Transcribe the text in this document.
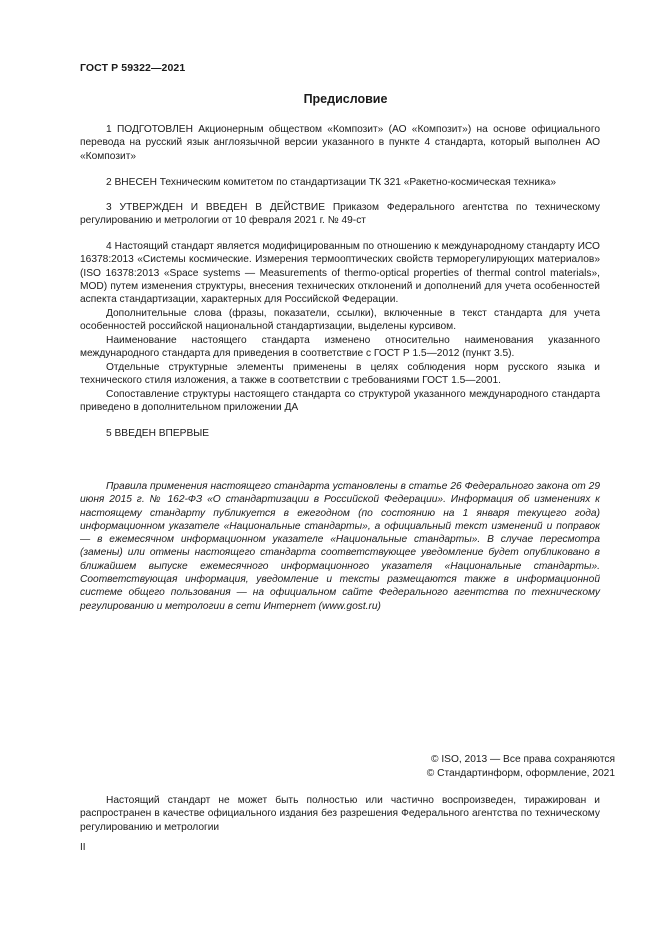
ГОСТ Р 59322—2021
Предисловие

1 ПОДГОТОВЛЕН Акционерным обществом «Композит» (АО «Композит») на основе официального перевода на русский язык англоязычной версии указанного в пункте 4 стандарта, который выполнен АО «Композит»

2 ВНЕСЕН Техническим комитетом по стандартизации ТК 321 «Ракетно-космическая техника»

3 УТВЕРЖДЕН И ВВЕДЕН В ДЕЙСТВИЕ Приказом Федерального агентства по техническому регулированию и метрологии от 10 февраля 2021 г. № 49-ст

4 Настоящий стандарт является модифицированным по отношению к международному стандарту ИСО 16378:2013 «Системы космические. Измерения термооптических свойств терморегулирующих материалов» (ISO 16378:2013 «Space systems — Measurements of thermo-optical properties of thermal control materials», MOD) путем изменения структуры, внесения технических отклонений и дополнений для учета особенностей аспекта стандартизации, характерных для Российской Федерации.

Дополнительные слова (фразы, показатели, ссылки), включенные в текст стандарта для учета особенностей российской национальной стандартизации, выделены курсивом.

Наименование настоящего стандарта изменено относительно наименования указанного международного стандарта для приведения в соответствие с ГОСТ Р 1.5—2012 (пункт 3.5).

Отдельные структурные элементы применены в целях соблюдения норм русского языка и технического стиля изложения, а также в соответствии с требованиями ГОСТ 1.5—2001.

Сопоставление структуры настоящего стандарта со структурой указанного международного стандарта приведено в дополнительном приложении ДА

5 ВВЕДЕН ВПЕРВЫЕ

Правила применения настоящего стандарта установлены в статье 26 Федерального закона от 29 июня 2015 г. № 162-ФЗ «О стандартизации в Российской Федерации». Информация об изменениях к настоящему стандарту публикуется в ежегодном (по состоянию на 1 января текущего года) информационном указателе «Национальные стандарты», а официальный текст изменений и поправок — в ежемесячном информационном указателе «Национальные стандарты». В случае пересмотра (замены) или отмены настоящего стандарта соответствующее уведомление будет опубликовано в ближайшем выпуске ежемесячного информационного указателя «Национальные стандарты». Соответствующая информация, уведомление и тексты размещаются также в информационной системе общего пользования — на официальном сайте Федерального агентства по техническому регулированию и метрологии в сети Интернет (www.gost.ru)

© ISO, 2013 — Все права сохраняются
© Стандартинформ, оформление, 2021

Настоящий стандарт не может быть полностью или частично воспроизведен, тиражирован и распространен в качестве официального издания без разрешения Федерального агентства по техническому регулированию и метрологии

II
